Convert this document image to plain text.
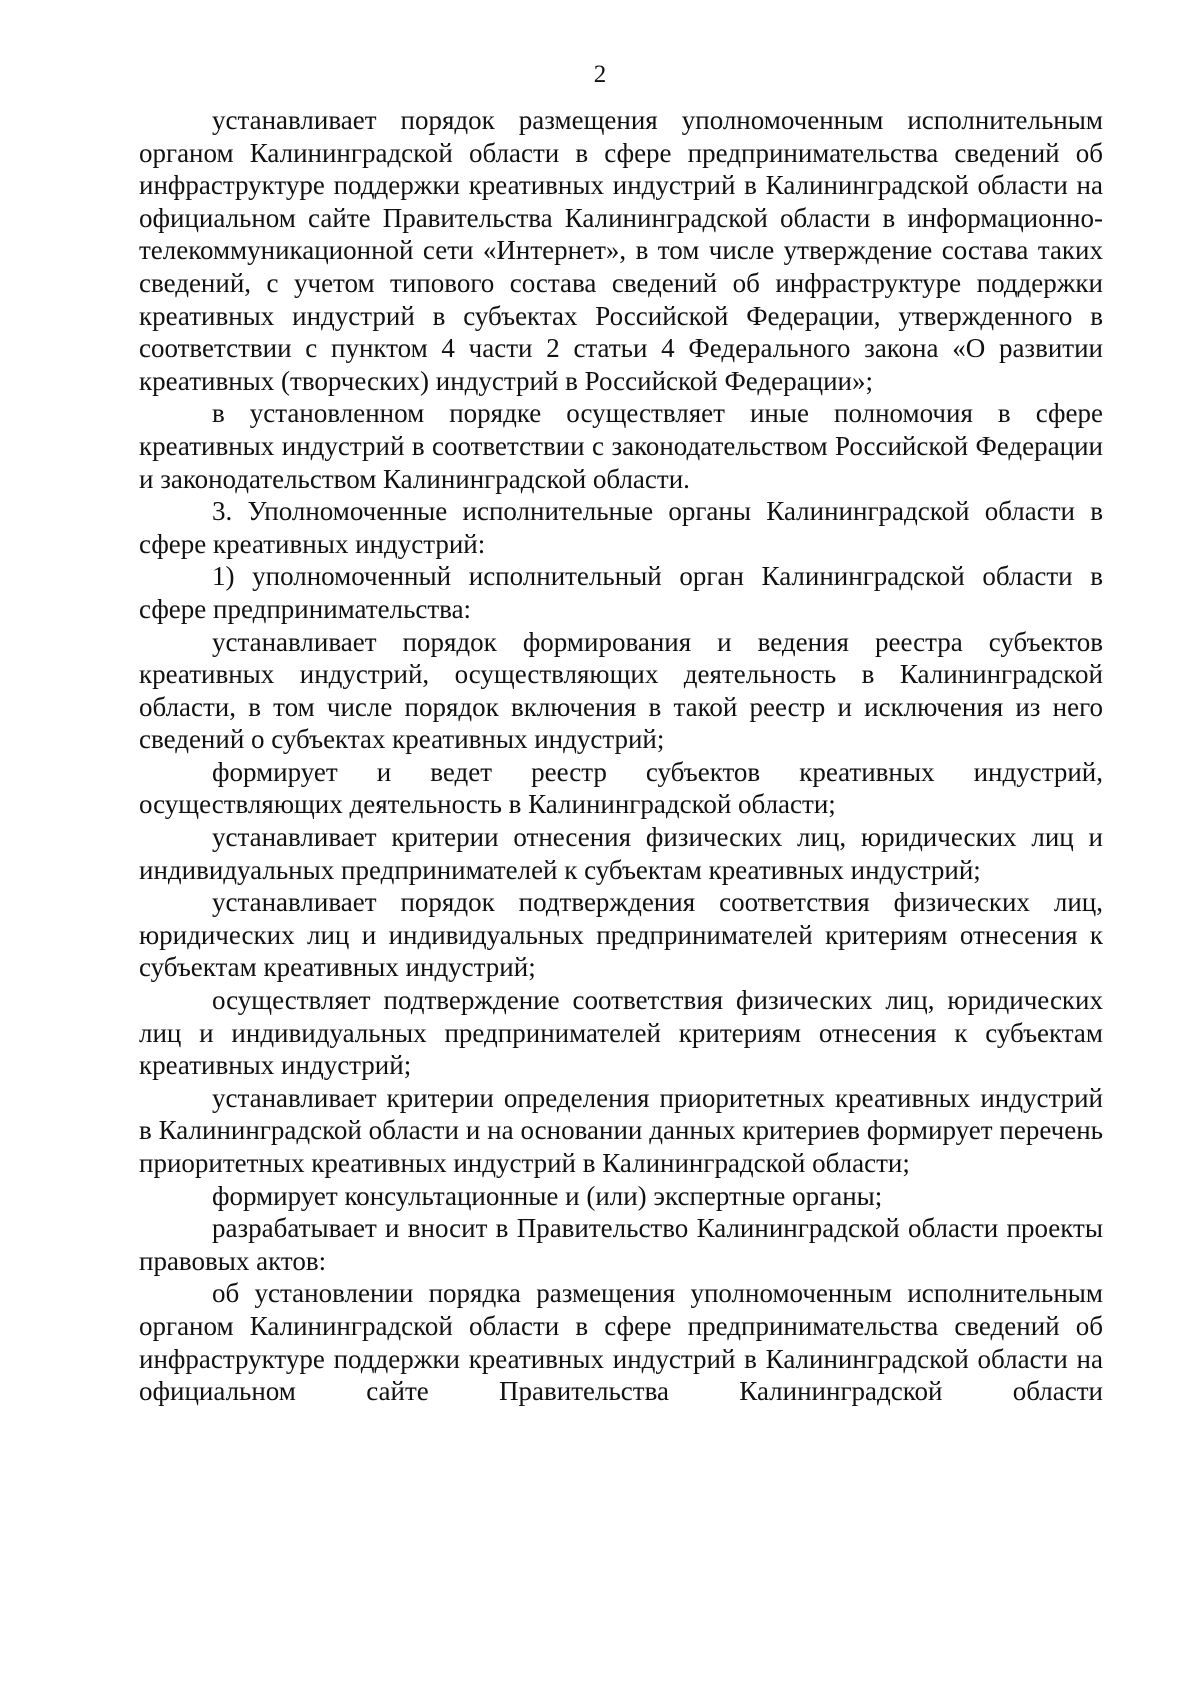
2

устанавливает порядок размещения уполномоченным исполнительным органом Калининградской области в сфере предпринимательства сведений об инфраструктуре поддержки креативных индустрий в Калининградской области на официальном сайте Правительства Калининградской области в информационно-телекоммуникационной сети «Интернет», в том числе утверждение состава таких сведений, с учетом типового состава сведений об инфраструктуре поддержки креативных индустрий в субъектах Российской Федерации, утвержденного в соответствии с пунктом 4 части 2 статьи 4 Федерального закона «О развитии креативных (творческих) индустрий в Российской Федерации»;

в установленном порядке осуществляет иные полномочия в сфере креативных индустрий в соответствии с законодательством Российской Федерации и законодательством Калининградской области.

3. Уполномоченные исполнительные органы Калининградской области в сфере креативных индустрий:

1) уполномоченный исполнительный орган Калининградской области в сфере предпринимательства:

устанавливает порядок формирования и ведения реестра субъектов креативных индустрий, осуществляющих деятельность в Калининградской области, в том числе порядок включения в такой реестр и исключения из него сведений о субъектах креативных индустрий;

формирует и ведет реестр субъектов креативных индустрий, осуществляющих деятельность в Калининградской области;

устанавливает критерии отнесения физических лиц, юридических лиц и индивидуальных предпринимателей к субъектам креативных индустрий;

устанавливает порядок подтверждения соответствия физических лиц, юридических лиц и индивидуальных предпринимателей критериям отнесения к субъектам креативных индустрий;

осуществляет подтверждение соответствия физических лиц, юридических лиц и индивидуальных предпринимателей критериям отнесения к субъектам креативных индустрий;

устанавливает критерии определения приоритетных креативных индустрий в Калининградской области и на основании данных критериев формирует перечень приоритетных креативных индустрий в Калининградской области;

формирует консультационные и (или) экспертные органы;

разрабатывает и вносит в Правительство Калининградской области проекты правовых актов:

об установлении порядка размещения уполномоченным исполнительным органом Калининградской области в сфере предпринимательства сведений об инфраструктуре поддержки креативных индустрий в Калининградской области на официальном сайте Правительства Калининградской области
